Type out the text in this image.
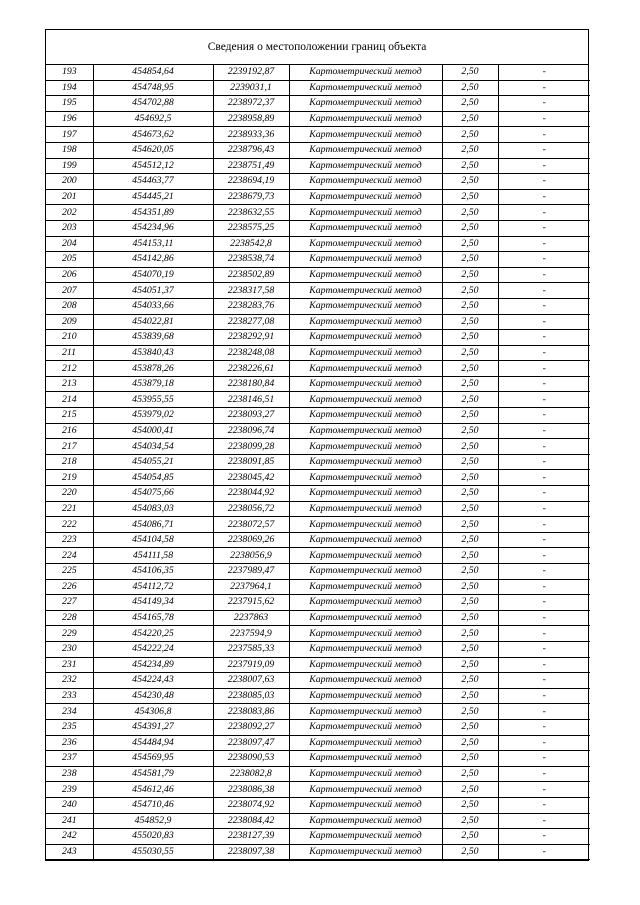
Сведения о местоположении границ объекта
193	454854,64	2239192,87	Картометрический метод	2,50	-
194	454748,95	2239031,1	Картометрический метод	2,50	-
195	454702,88	2238972,37	Картометрический метод	2,50	-
196	454692,5	2238958,89	Картометрический метод	2,50	-
197	454673,62	2238933,36	Картометрический метод	2,50	-
198	454620,05	2238796,43	Картометрический метод	2,50	-
199	454512,12	2238751,49	Картометрический метод	2,50	-
200	454463,77	2238694,19	Картометрический метод	2,50	-
201	454445,21	2238679,73	Картометрический метод	2,50	-
202	454351,89	2238632,55	Картометрический метод	2,50	-
203	454234,96	2238575,25	Картометрический метод	2,50	-
204	454153,11	2238542,8	Картометрический метод	2,50	-
205	454142,86	2238538,74	Картометрический метод	2,50	-
206	454070,19	2238502,89	Картометрический метод	2,50	-
207	454051,37	2238317,58	Картометрический метод	2,50	-
208	454033,66	2238283,76	Картометрический метод	2,50	-
209	454022,81	2238277,08	Картометрический метод	2,50	-
210	453839,68	2238292,91	Картометрический метод	2,50	-
211	453840,43	2238248,08	Картометрический метод	2,50	-
212	453878,26	2238226,61	Картометрический метод	2,50	-
213	453879,18	2238180,84	Картометрический метод	2,50	-
214	453955,55	2238146,51	Картометрический метод	2,50	-
215	453979,02	2238093,27	Картометрический метод	2,50	-
216	454000,41	2238096,74	Картометрический метод	2,50	-
217	454034,54	2238099,28	Картометрический метод	2,50	-
218	454055,21	2238091,85	Картометрический метод	2,50	-
219	454054,85	2238045,42	Картометрический метод	2,50	-
220	454075,66	2238044,92	Картометрический метод	2,50	-
221	454083,03	2238056,72	Картометрический метод	2,50	-
222	454086,71	2238072,57	Картометрический метод	2,50	-
223	454104,58	2238069,26	Картометрический метод	2,50	-
224	454111,58	2238056,9	Картометрический метод	2,50	-
225	454106,35	2237989,47	Картометрический метод	2,50	-
226	454112,72	2237964,1	Картометрический метод	2,50	-
227	454149,34	2237915,62	Картометрический метод	2,50	-
228	454165,78	2237863	Картометрический метод	2,50	-
229	454220,25	2237594,9	Картометрический метод	2,50	-
230	454222,24	2237585,33	Картометрический метод	2,50	-
231	454234,89	2237919,09	Картометрический метод	2,50	-
232	454224,43	2238007,63	Картометрический метод	2,50	-
233	454230,48	2238085,03	Картометрический метод	2,50	-
234	454306,8	2238083,86	Картометрический метод	2,50	-
235	454391,27	2238092,27	Картометрический метод	2,50	-
236	454484,94	2238097,47	Картометрический метод	2,50	-
237	454569,95	2238090,53	Картометрический метод	2,50	-
238	454581,79	2238082,8	Картометрический метод	2,50	-
239	454612,46	2238086,38	Картометрический метод	2,50	-
240	454710,46	2238074,92	Картометрический метод	2,50	-
241	454852,9	2238084,42	Картометрический метод	2,50	-
242	455020,83	2238127,39	Картометрический метод	2,50	-
243	455030,55	2238097,38	Картометрический метод	2,50	-
